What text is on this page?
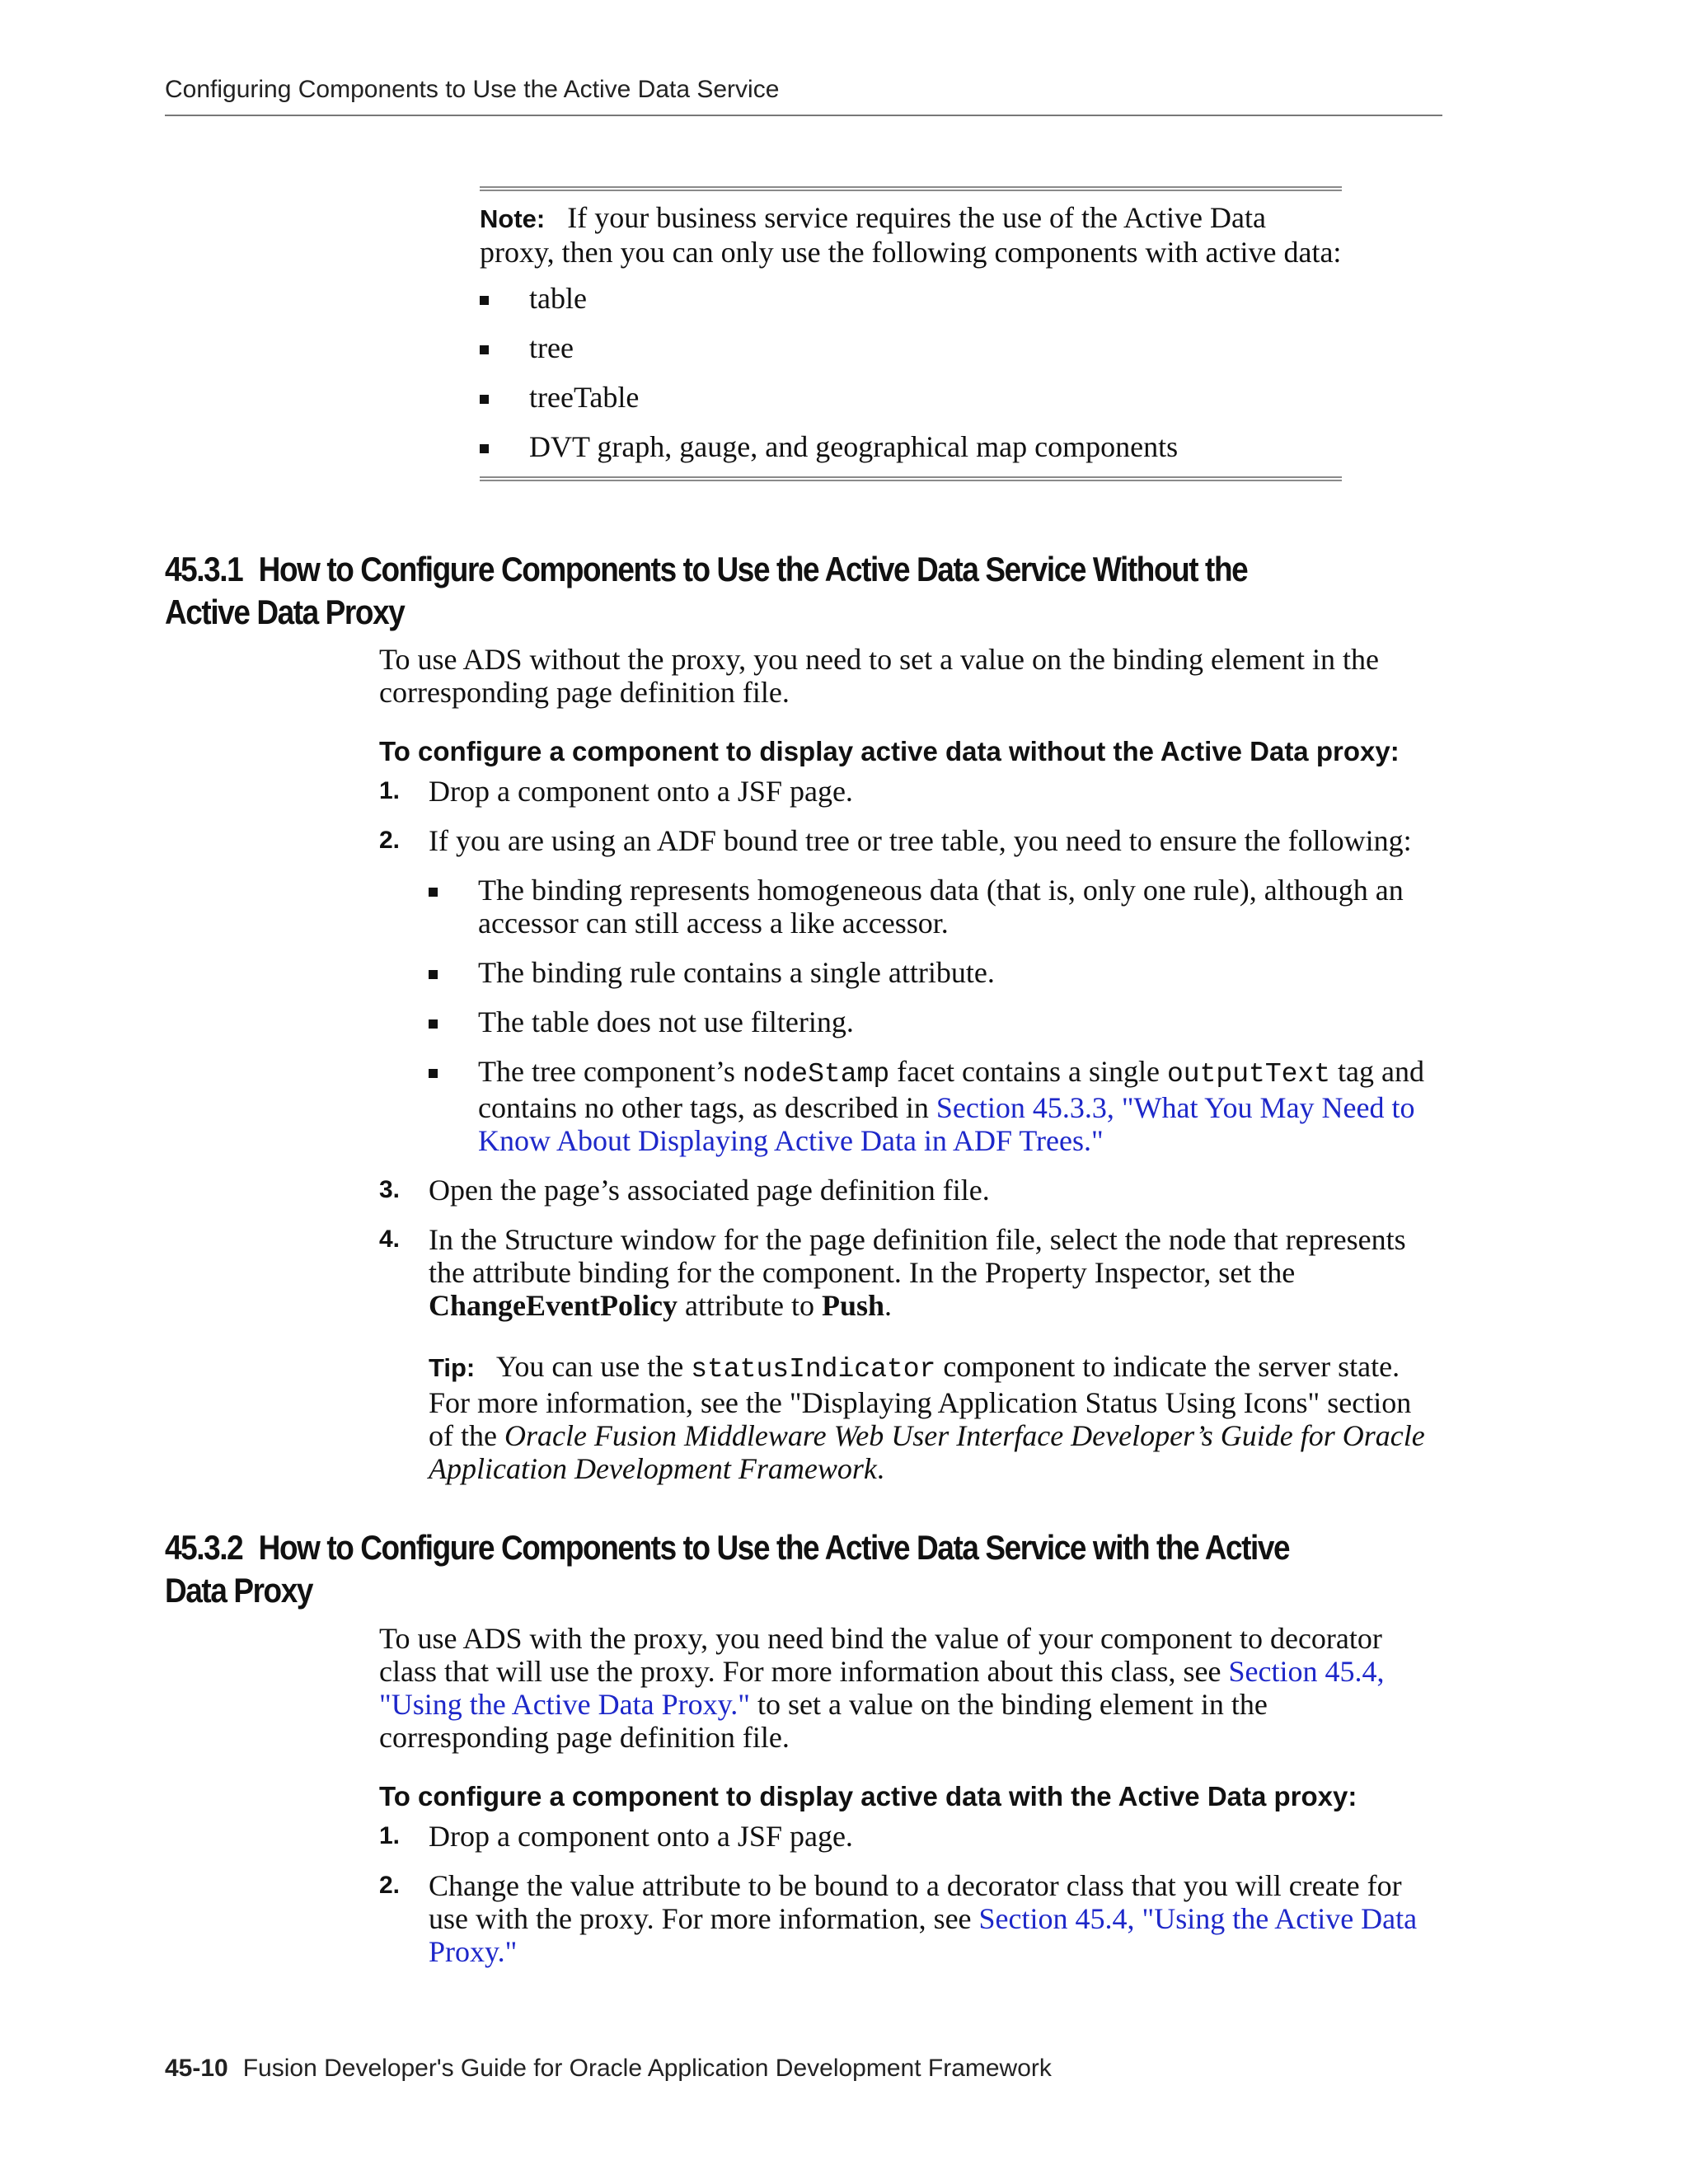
Configuring Components to Use the Active Data Service
Note: If your business service requires the use of the Active Data proxy, then you can only use the following components with active data:
table
tree
treeTable
DVT graph, gauge, and geographical map components
45.3.1 How to Configure Components to Use the Active Data Service Without the Active Data Proxy
To use ADS without the proxy, you need to set a value on the binding element in the corresponding page definition file.
To configure a component to display active data without the Active Data proxy:
1. Drop a component onto a JSF page.
2. If you are using an ADF bound tree or tree table, you need to ensure the following:
The binding represents homogeneous data (that is, only one rule), although an accessor can still access a like accessor.
The binding rule contains a single attribute.
The table does not use filtering.
The tree component’s nodeStamp facet contains a single outputText tag and contains no other tags, as described in Section 45.3.3, "What You May Need to Know About Displaying Active Data in ADF Trees."
3. Open the page’s associated page definition file.
4. In the Structure window for the page definition file, select the node that represents the attribute binding for the component. In the Property Inspector, set the ChangeEventPolicy attribute to Push.
Tip: You can use the statusIndicator component to indicate the server state. For more information, see the "Displaying Application Status Using Icons" section of the Oracle Fusion Middleware Web User Interface Developer’s Guide for Oracle Application Development Framework.
45.3.2 How to Configure Components to Use the Active Data Service with the Active Data Proxy
To use ADS with the proxy, you need bind the value of your component to decorator class that will use the proxy. For more information about this class, see Section 45.4, "Using the Active Data Proxy." to set a value on the binding element in the corresponding page definition file.
To configure a component to display active data with the Active Data proxy:
1. Drop a component onto a JSF page.
2. Change the value attribute to be bound to a decorator class that you will create for use with the proxy. For more information, see Section 45.4, "Using the Active Data Proxy."
45-10 Fusion Developer's Guide for Oracle Application Development Framework
